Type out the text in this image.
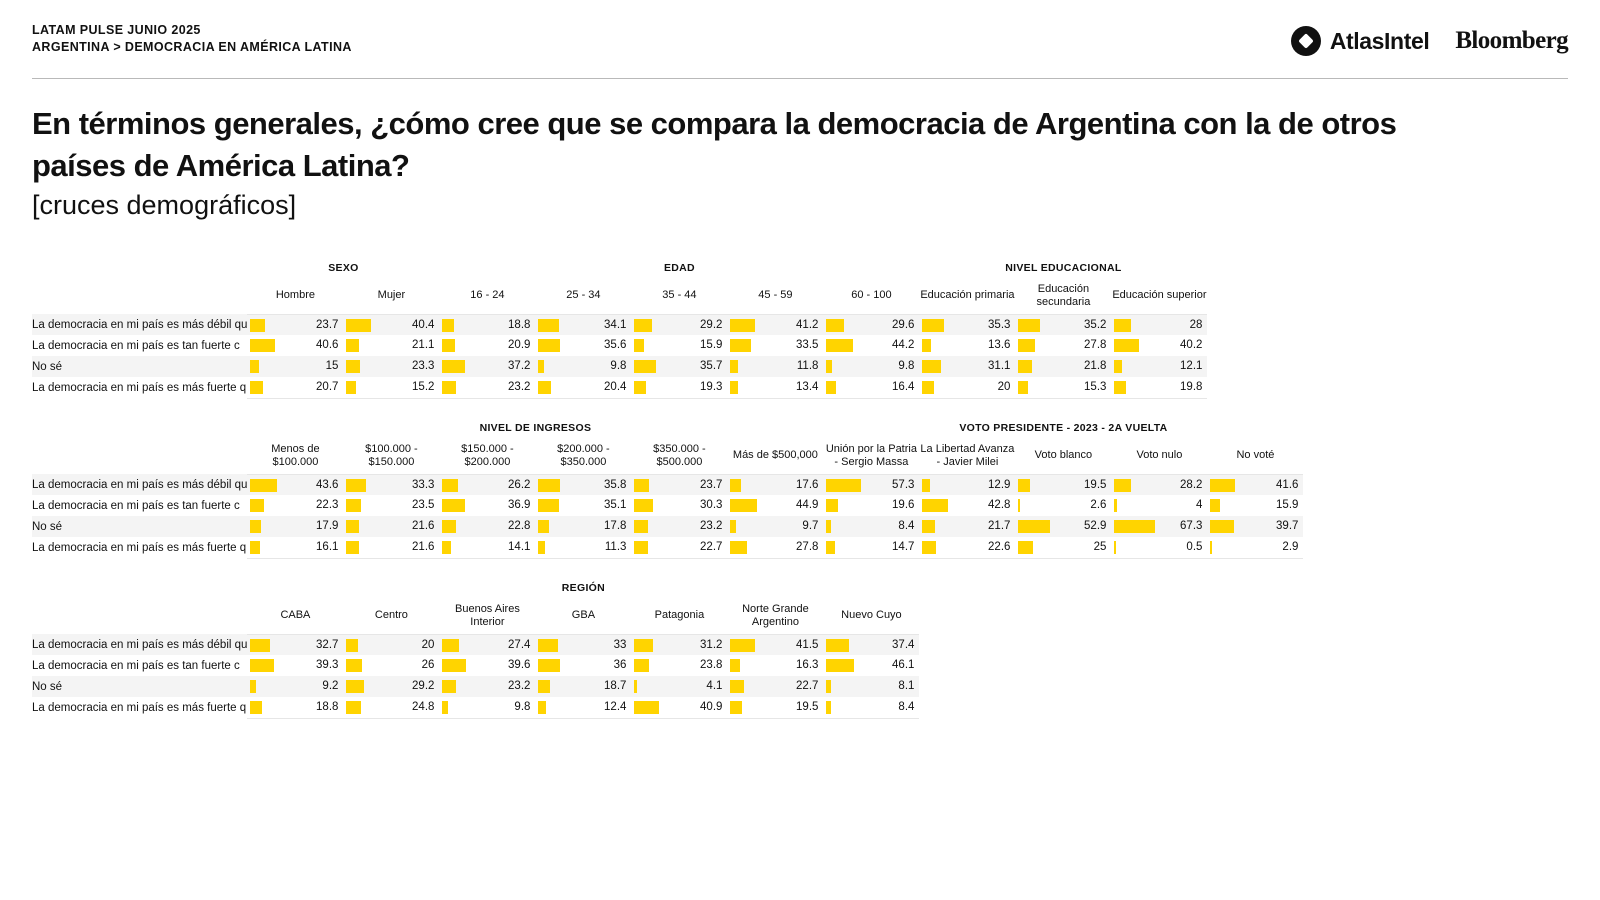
LATAM PULSE JUNIO 2025
ARGENTINA > DEMOCRACIA EN AMÉRICA LATINA	AtlasIntel Bloomberg
En términos generales, ¿cómo cree que se compara la democracia de Argentina con la de otros países de América Latina?
[cruces demográficos]
	SEXO		EDAD					NIVEL EDUCACIONAL		
	Hombre	Mujer	16 - 24	25 - 34	35 - 44	45 - 59	60 - 100	Educación primaria	Educación secundaria	Educación superior
La democracia en mi país es más débil qu	23.7	40.4	18.8	34.1	29.2	41.2	29.6	35.3	35.2	28

La democracia en mi país es tan fuerte c	40.6	21.1	20.9	35.6	15.9	33.5	44.2	13.6	27.8	40.2

No sé	15	23.3	37.2	9.8	35.7	11.8	9.8	31.1	21.8	12.1

La democracia en mi país es más fuerte q	20.7	15.2	23.2	20.4	19.3	13.4	16.4	20	15.3	19.8
	NIVEL DE INGRESOS						VOTO PRESIDENTE - 2023 - 2A VUELTA				
	Menos de $100.000	$100.000 - $150.000	$150.000 - $200.000	$200.000 - $350.000	$350.000 - $500.000	Más de $500,000	Unión por la Patria - Sergio Massa	La Libertad Avanza - Javier Milei	Voto blanco	Voto nulo	No voté
La democracia en mi país es más débil qu	43.6	33.3	26.2	35.8	23.7	17.6	57.3	12.9	19.5	28.2	41.6

La democracia en mi país es tan fuerte c	22.3	23.5	36.9	35.1	30.3	44.9	19.6	42.8	2.6	4	15.9

No sé	17.9	21.6	22.8	17.8	23.2	9.7	8.4	21.7	52.9	67.3	39.7

La democracia en mi país es más fuerte q	16.1	21.6	14.1	11.3	22.7	27.8	14.7	22.6	25	0.5	2.9
	REGIÓN						
	CABA	Centro	Buenos Aires Interior	GBA	Patagonia	Norte Grande Argentino	Nuevo Cuyo
La democracia en mi país es más débil qu	32.7	20	27.4	33	31.2	41.5	37.4

La democracia en mi país es tan fuerte c	39.3	26	39.6	36	23.8	16.3	46.1

No sé	9.2	29.2	23.2	18.7	4.1	22.7	8.1

La democracia en mi país es más fuerte q	18.8	24.8	9.8	12.4	40.9	19.5	8.4
